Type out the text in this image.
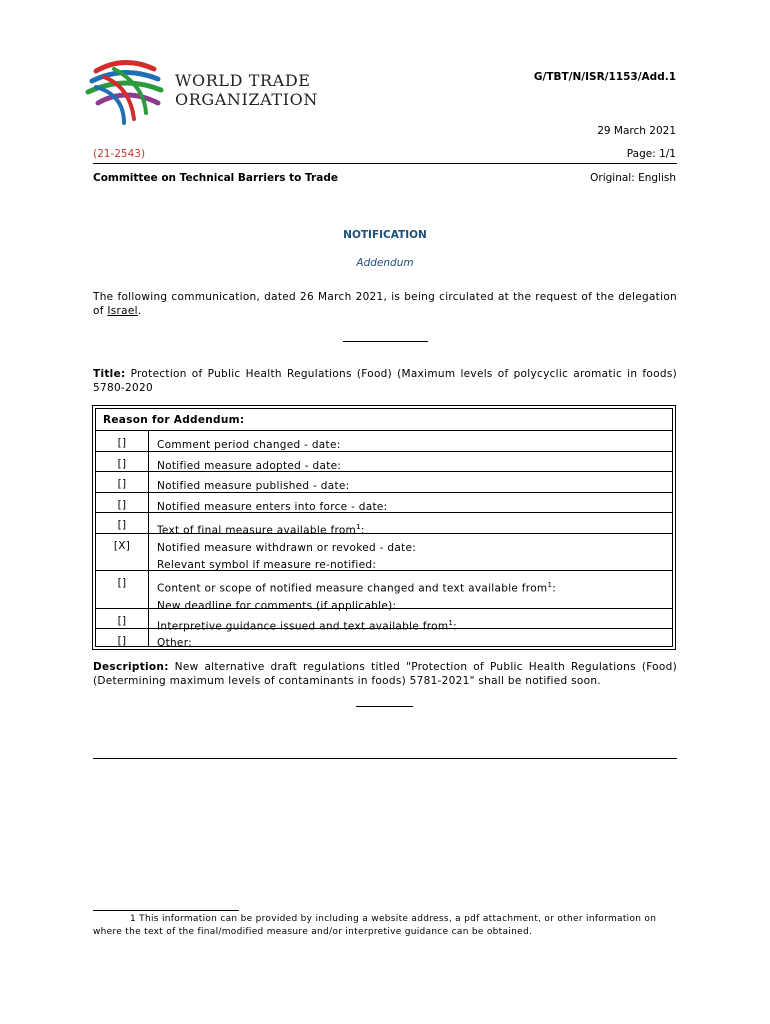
WORLD TRADE
ORGANIZATION
G/TBT/N/ISR/1153/Add.1
29 March 2021
(21-2543)	Page: 1/1
Committee on Technical Barriers to Trade	Original: English
NOTIFICATION
Addendum
The following communication, dated 26 March 2021, is being circulated at the request of the delegation of Israel.
Title: Protection of Public Health Regulations (Food) (Maximum levels of polycyclic aromatic in foods) 5780-2020
Reason for Addendum:
[]	Comment period changed - date:
[]	Notified measure adopted - date:
[]	Notified measure published - date:
[]	Notified measure enters into force - date:
[]	Text of final measure available from$^1$:
[X]	Notified measure withdrawn or revoked - date:
Relevant symbol if measure re-notified:
[]	Content or scope of notified measure changed and text available from$^1$:
New deadline for comments (if applicable):
[]	Interpretive guidance issued and text available from$^1$:
[]	Other:
Description: New alternative draft regulations titled "Protection of Public Health Regulations (Food) (Determining maximum levels of contaminants in foods) 5781-2021" shall be notified soon.
1 This information can be provided by including a website address, a pdf attachment, or other information on where the text of the final/modified measure and/or interpretive guidance can be obtained.
